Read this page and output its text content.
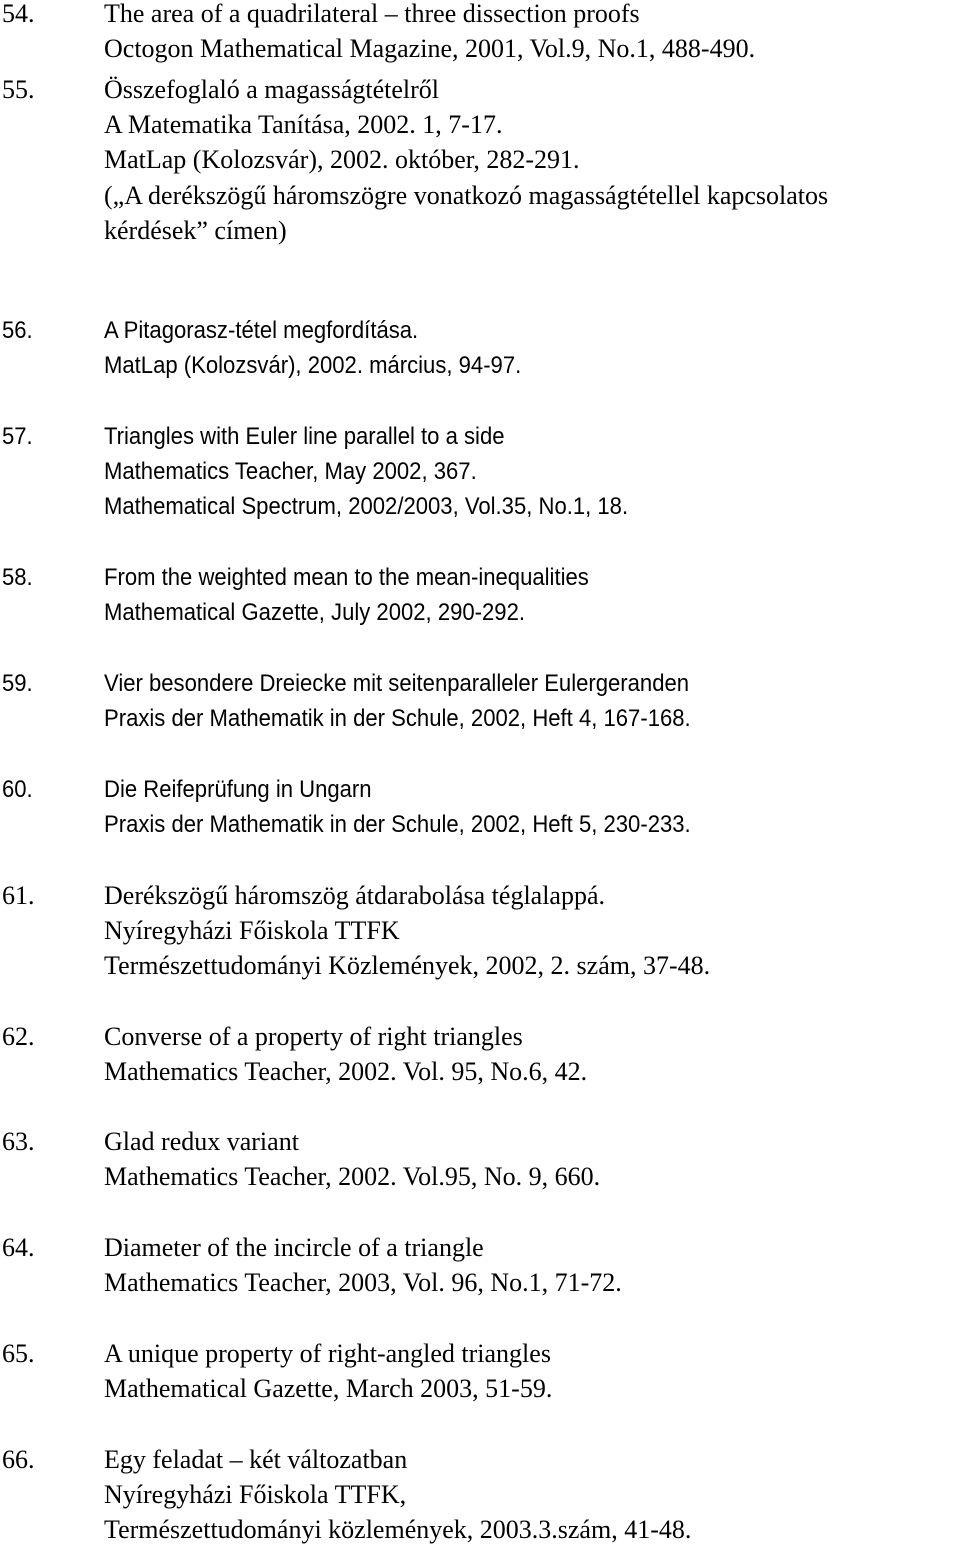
54.	The area of a quadrilateral – three dissection proofs
Octogon Mathematical Magazine, 2001, Vol.9, No.1, 488-490.
55.	Összefoglaló a magasságtételről
A Matematika Tanítása, 2002. 1, 7-17.
MatLap (Kolozsvár), 2002. október, 282-291.
(„A derékszögű háromszögre vonatkozó magasságtétellel kapcsolatos
kérdések” címen)
56.	A Pitagorasz-tétel megfordítása.
MatLap (Kolozsvár), 2002. március, 94-97.
57.	Triangles with Euler line parallel to a side
Mathematics Teacher, May 2002, 367.
Mathematical Spectrum, 2002/2003, Vol.35, No.1, 18.
58.	From the weighted mean to the mean-inequalities
Mathematical Gazette, July 2002, 290-292.
59.	Vier besondere Dreiecke mit seitenparalleler Eulergeranden
Praxis der Mathematik in der Schule, 2002, Heft 4, 167-168.
60.	Die Reifeprüfung in Ungarn
Praxis der Mathematik in der Schule, 2002, Heft 5, 230-233.
61.	Derékszögű háromszög átdarabolása téglalappá.
Nyíregyházi Főiskola TTFK
Természettudományi Közlemények, 2002, 2. szám, 37-48.
62.	Converse of a property of right triangles
Mathematics Teacher, 2002. Vol. 95, No.6, 42.
63.	Glad redux variant
Mathematics Teacher, 2002. Vol.95, No. 9, 660.
64.	Diameter of the incircle of a triangle
Mathematics Teacher, 2003, Vol. 96, No.1, 71-72.
65.	A unique property of right-angled triangles
Mathematical Gazette, March 2003, 51-59.
66.	Egy feladat – két változatban
Nyíregyházi Főiskola TTFK,
Természettudományi közlemények, 2003.3.szám, 41-48.
